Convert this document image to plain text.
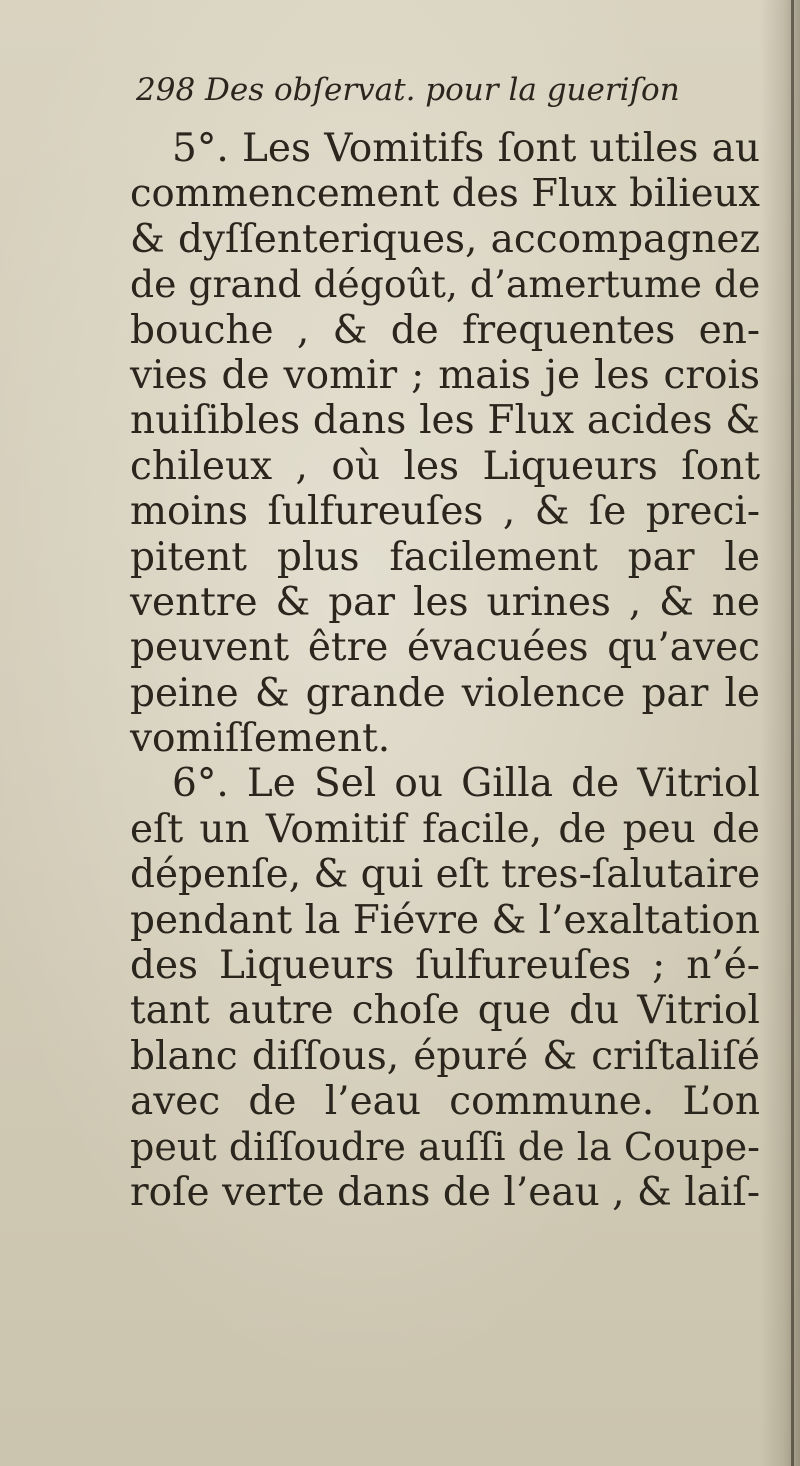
298 Des obſervat. pour la gueriſon
5°. Les Vomitifs ſont utiles au
commencement des Flux bilieux
& dyſſenteriques, accompagnez
de grand dégoût, d’amertume de
bouche , & de frequentes en-
vies de vomir ; mais je les crois
nuiſibles dans les Flux acides &
chileux , où les Liqueurs ſont
moins ſulfureuſes , & ſe preci-
pitent plus facilement par le
ventre & par les urines , & ne
peuvent être évacuées qu’avec
peine & grande violence par le
vomiſſement.
6°. Le Sel ou Gilla de Vitriol
eſt un Vomitif facile, de peu de
dépenſe, & qui eſt tres-ſalutaire
pendant la Fiévre & l’exaltation
des Liqueurs ſulfureuſes ; n’é-
tant autre choſe que du Vitriol
blanc diſſous, épuré & criſtaliſé
avec de l’eau commune. L’on
peut diſſoudre auſſi de la Coupe-
roſe verte dans de l’eau , & laiſ-
